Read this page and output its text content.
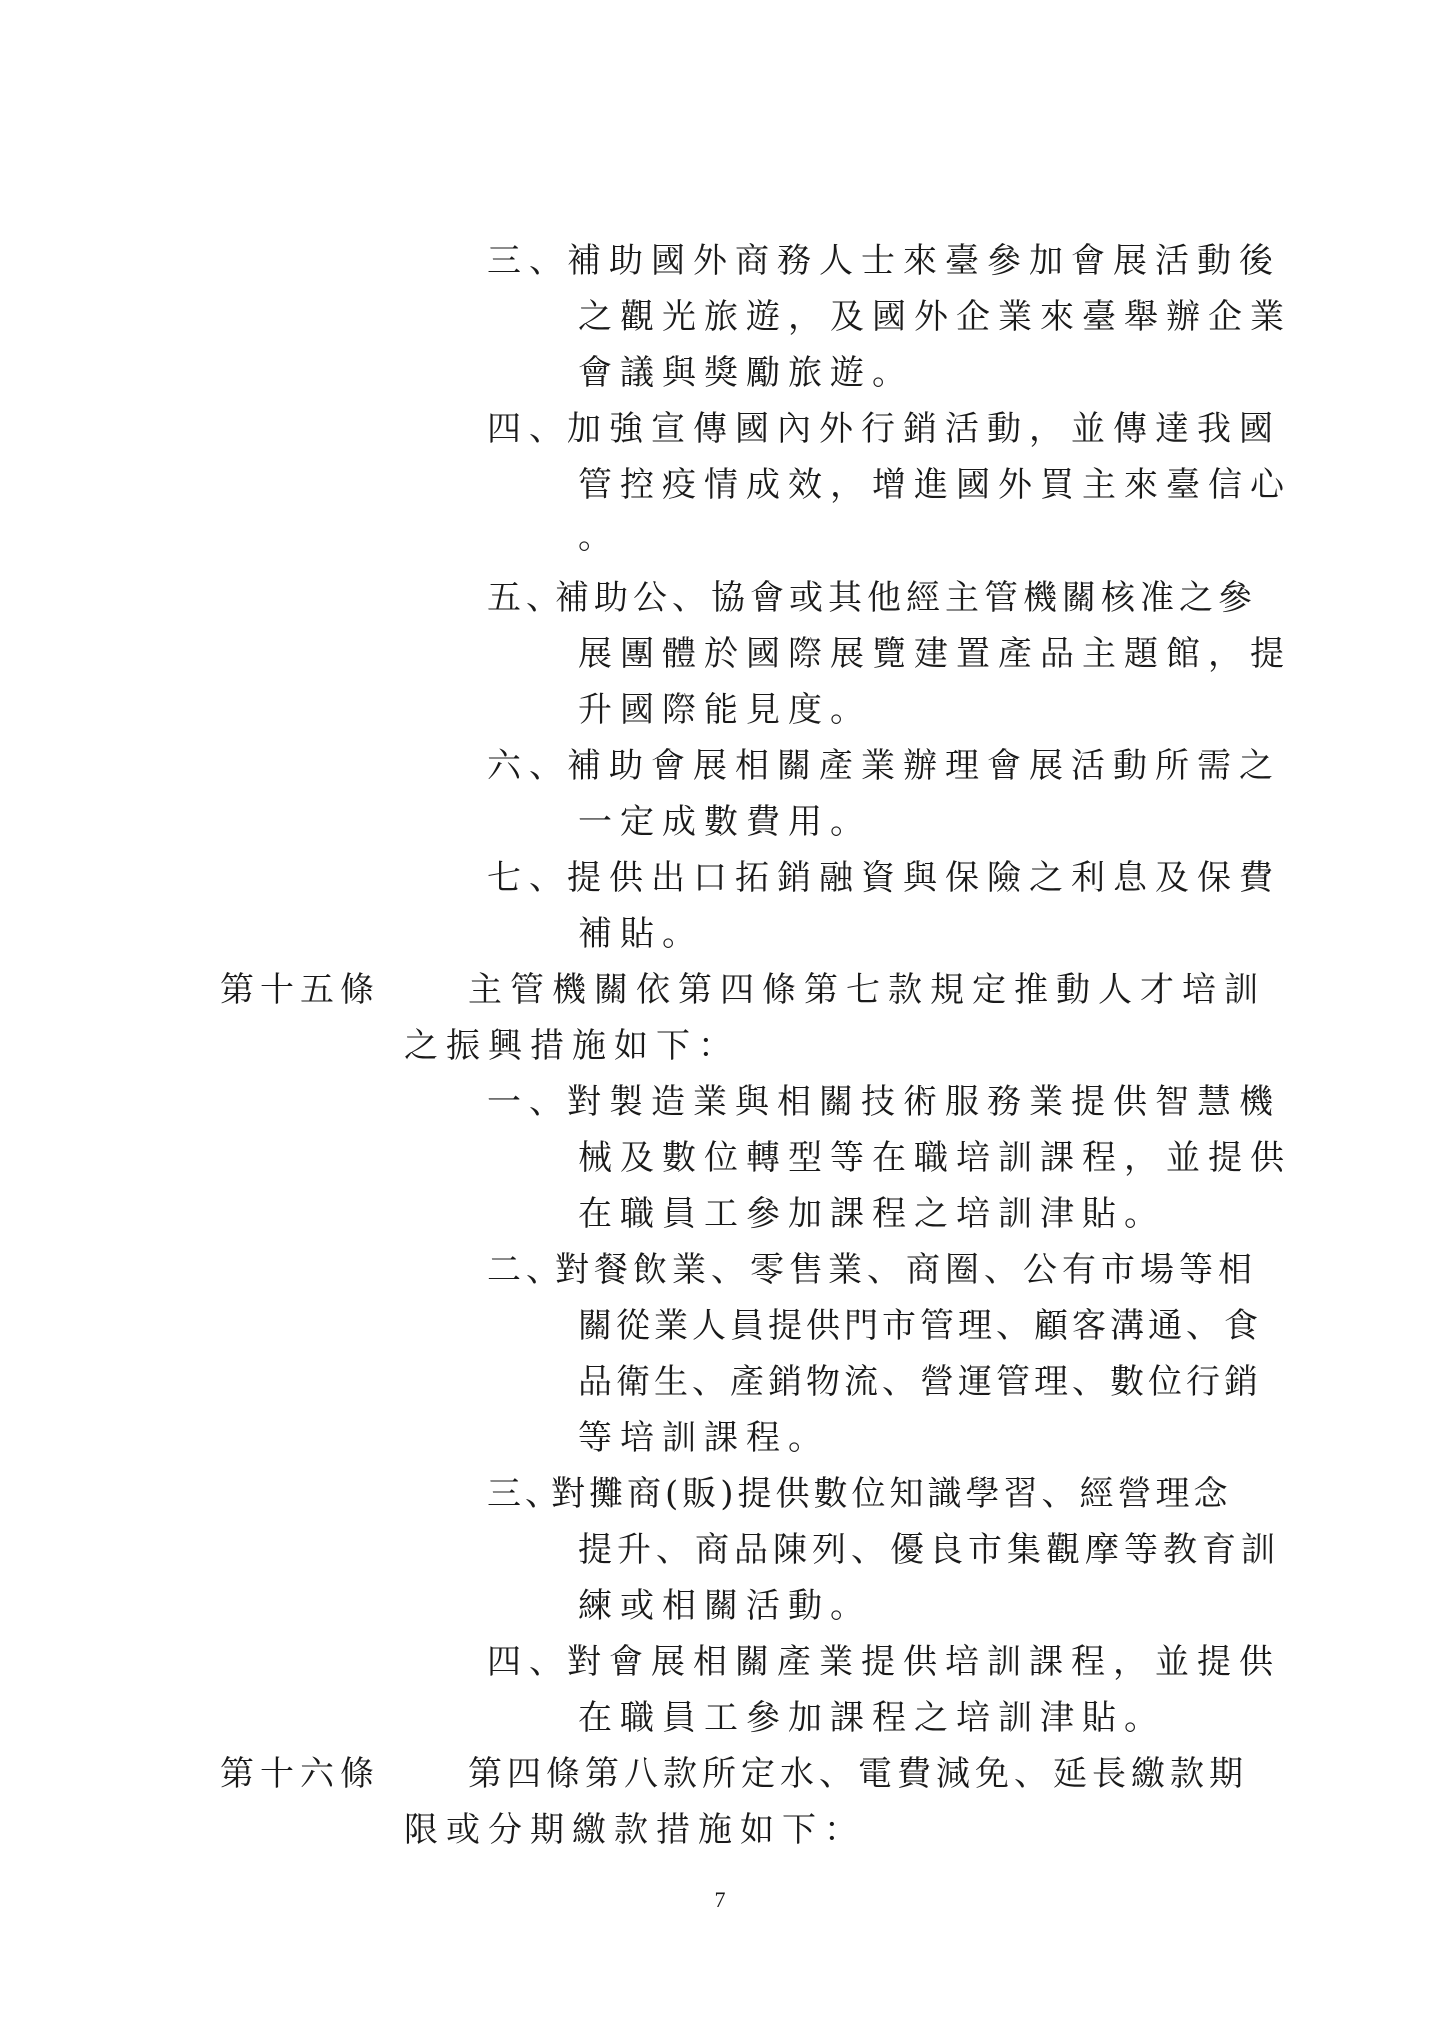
三、
補助國外商務人士來臺參加會展活動後
之觀光旅遊，及國外企業來臺舉辦企業
會議與獎勵旅遊。
四、
加強宣傳國內外行銷活動，並傳達我國
管控疫情成效，增進國外買主來臺信心
。
五、
補助公、協會或其他經主管機關核准之參
展團體於國際展覽建置產品主題館，提
升國際能見度。
六、
補助會展相關產業辦理會展活動所需之
一定成數費用。
七、
提供出口拓銷融資與保險之利息及保費
補貼。
第十五條	主管機關依第四條第七款規定推動人才培訓
之振興措施如下：
一、
對製造業與相關技術服務業提供智慧機
械及數位轉型等在職培訓課程，並提供
在職員工參加課程之培訓津貼。
二、
對餐飲業、零售業、商圈、公有市場等相
關從業人員提供門市管理、顧客溝通、食
品衛生、產銷物流、營運管理、數位行銷
等培訓課程。
三、
對攤商(販)提供數位知識學習、經營理念
提升、商品陳列、優良市集觀摩等教育訓
練或相關活動。
四、
對會展相關產業提供培訓課程，並提供
在職員工參加課程之培訓津貼。
第十六條	第四條第八款所定水、電費減免、延長繳款期
限或分期繳款措施如下：
7
